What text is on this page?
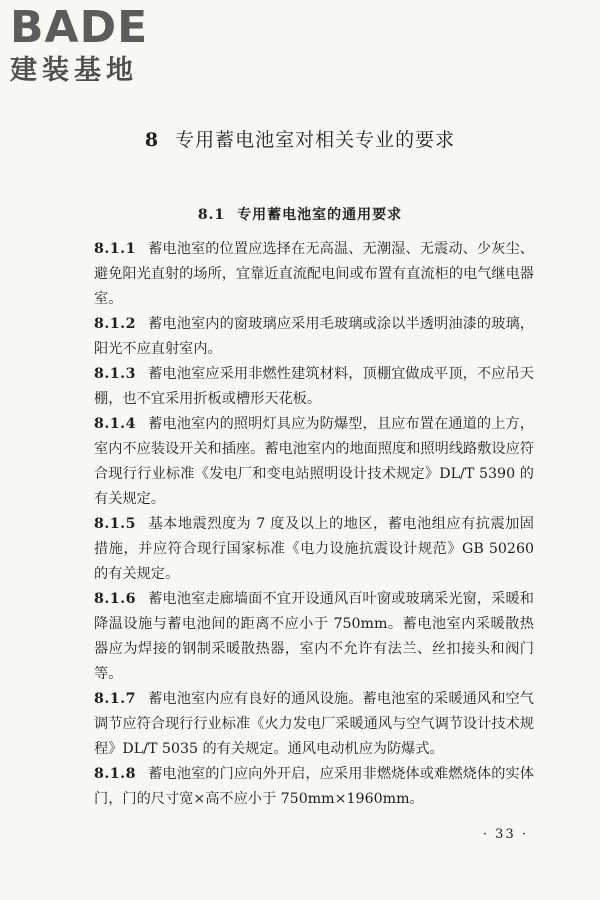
BADE
建装基地
8 专用蓄电池室对相关专业的要求
8.1 专用蓄电池室的通用要求

8.1.1 蓄电池室的位置应选择在无高温、无潮湿、无震动、少灰尘、避免阳光直射的场所，宜靠近直流配电间或布置有直流柜的电气继电器室。

8.1.2 蓄电池室内的窗玻璃应采用毛玻璃或涂以半透明油漆的玻璃，阳光不应直射室内。

8.1.3 蓄电池室应采用非燃性建筑材料，顶棚宜做成平顶，不应吊天棚，也不宜采用折板或槽形天花板。

8.1.4 蓄电池室内的照明灯具应为防爆型，且应布置在通道的上方，室内不应装设开关和插座。蓄电池室内的地面照度和照明线路敷设应符合现行行业标准《发电厂和变电站照明设计技术规定》DL/T 5390 的有关规定。

8.1.5 基本地震烈度为 7 度及以上的地区，蓄电池组应有抗震加固措施，并应符合现行国家标准《电力设施抗震设计规范》GB 50260的有关规定。

8.1.6 蓄电池室走廊墙面不宜开设通风百叶窗或玻璃采光窗，采暖和降温设施与蓄电池间的距离不应小于 750mm。蓄电池室内采暖散热器应为焊接的钢制采暖散热器，室内不允许有法兰、丝扣接头和阀门等。

8.1.7 蓄电池室内应有良好的通风设施。蓄电池室的采暖通风和空气调节应符合现行行业标准《火力发电厂采暖通风与空气调节设计技术规程》DL/T 5035 的有关规定。通风电动机应为防爆式。

8.1.8 蓄电池室的门应向外开启，应采用非燃烧体或难燃烧体的实体门，门的尺寸宽×高不应小于 750mm×1960mm。

· 33 ·
